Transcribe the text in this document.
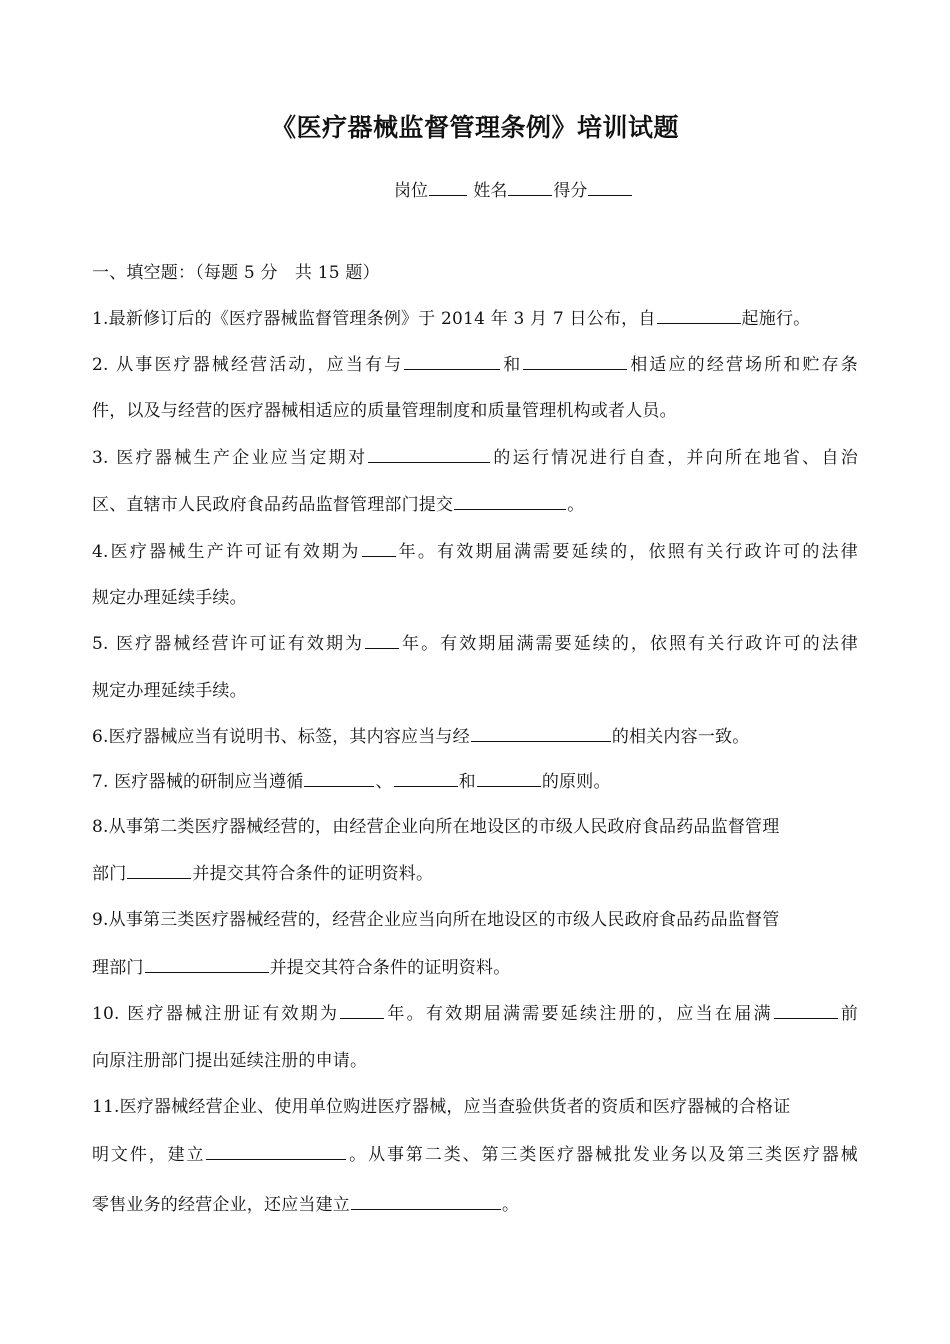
《医疗器械监督管理条例》培训试题
岗位	姓名	得分
一、填空题：（每题 5 分　共 15 题）
1.最新修订后的《医疗器械监督管理条例》于 2014 年 3 月 7 日公布，自	起施行。
2. 从事医疗器械经营活动，应当有与	和	相适应的经营场所和贮存条
件，以及与经营的医疗器械相适应的质量管理制度和质量管理机构或者人员。
3. 医疗器械生产企业应当定期对	的运行情况进行自查，并向所在地省、自治
区、直辖市人民政府食品药品监督管理部门提交	。
4.医疗器械生产许可证有效期为 年。有效期届满需要延续的，依照有关行政许可的法律
规定办理延续手续。
5. 医疗器械经营许可证有效期为 年。有效期届满需要延续的，依照有关行政许可的法律
规定办理延续手续。
6.医疗器械应当有说明书、标签，其内容应当与经	的相关内容一致。
7. 医疗器械的研制应当遵循	、	和	的原则。
8.从事第二类医疗器械经营的，由经营企业向所在地设区的市级人民政府食品药品监督管理
部门	并提交其符合条件的证明资料。
9.从事第三类医疗器械经营的，经营企业应当向所在地设区的市级人民政府食品药品监督管
理部门	并提交其符合条件的证明资料。
10. 医疗器械注册证有效期为	年。有效期届满需要延续注册的，应当在届满	前
向原注册部门提出延续注册的申请。
11.医疗器械经营企业、使用单位购进医疗器械，应当查验供货者的资质和医疗器械的合格证
明文件，建立	。从事第二类、第三类医疗器械批发业务以及第三类医疗器械
零售业务的经营企业，还应当建立	。
